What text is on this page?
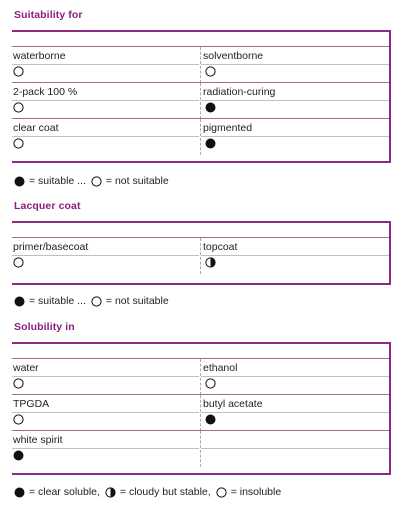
Suitability for
waterborne	solventborne
2-pack 100 %	radiation-curing
clear coat	pigmented
= suitable ... = not suitable
Lacquer coat
primer/basecoat	topcoat
= suitable ... = not suitable
Solubility in
water	ethanol
TPGDA	butyl acetate
white spirit
= clear soluble, = cloudy but stable, = insoluble
